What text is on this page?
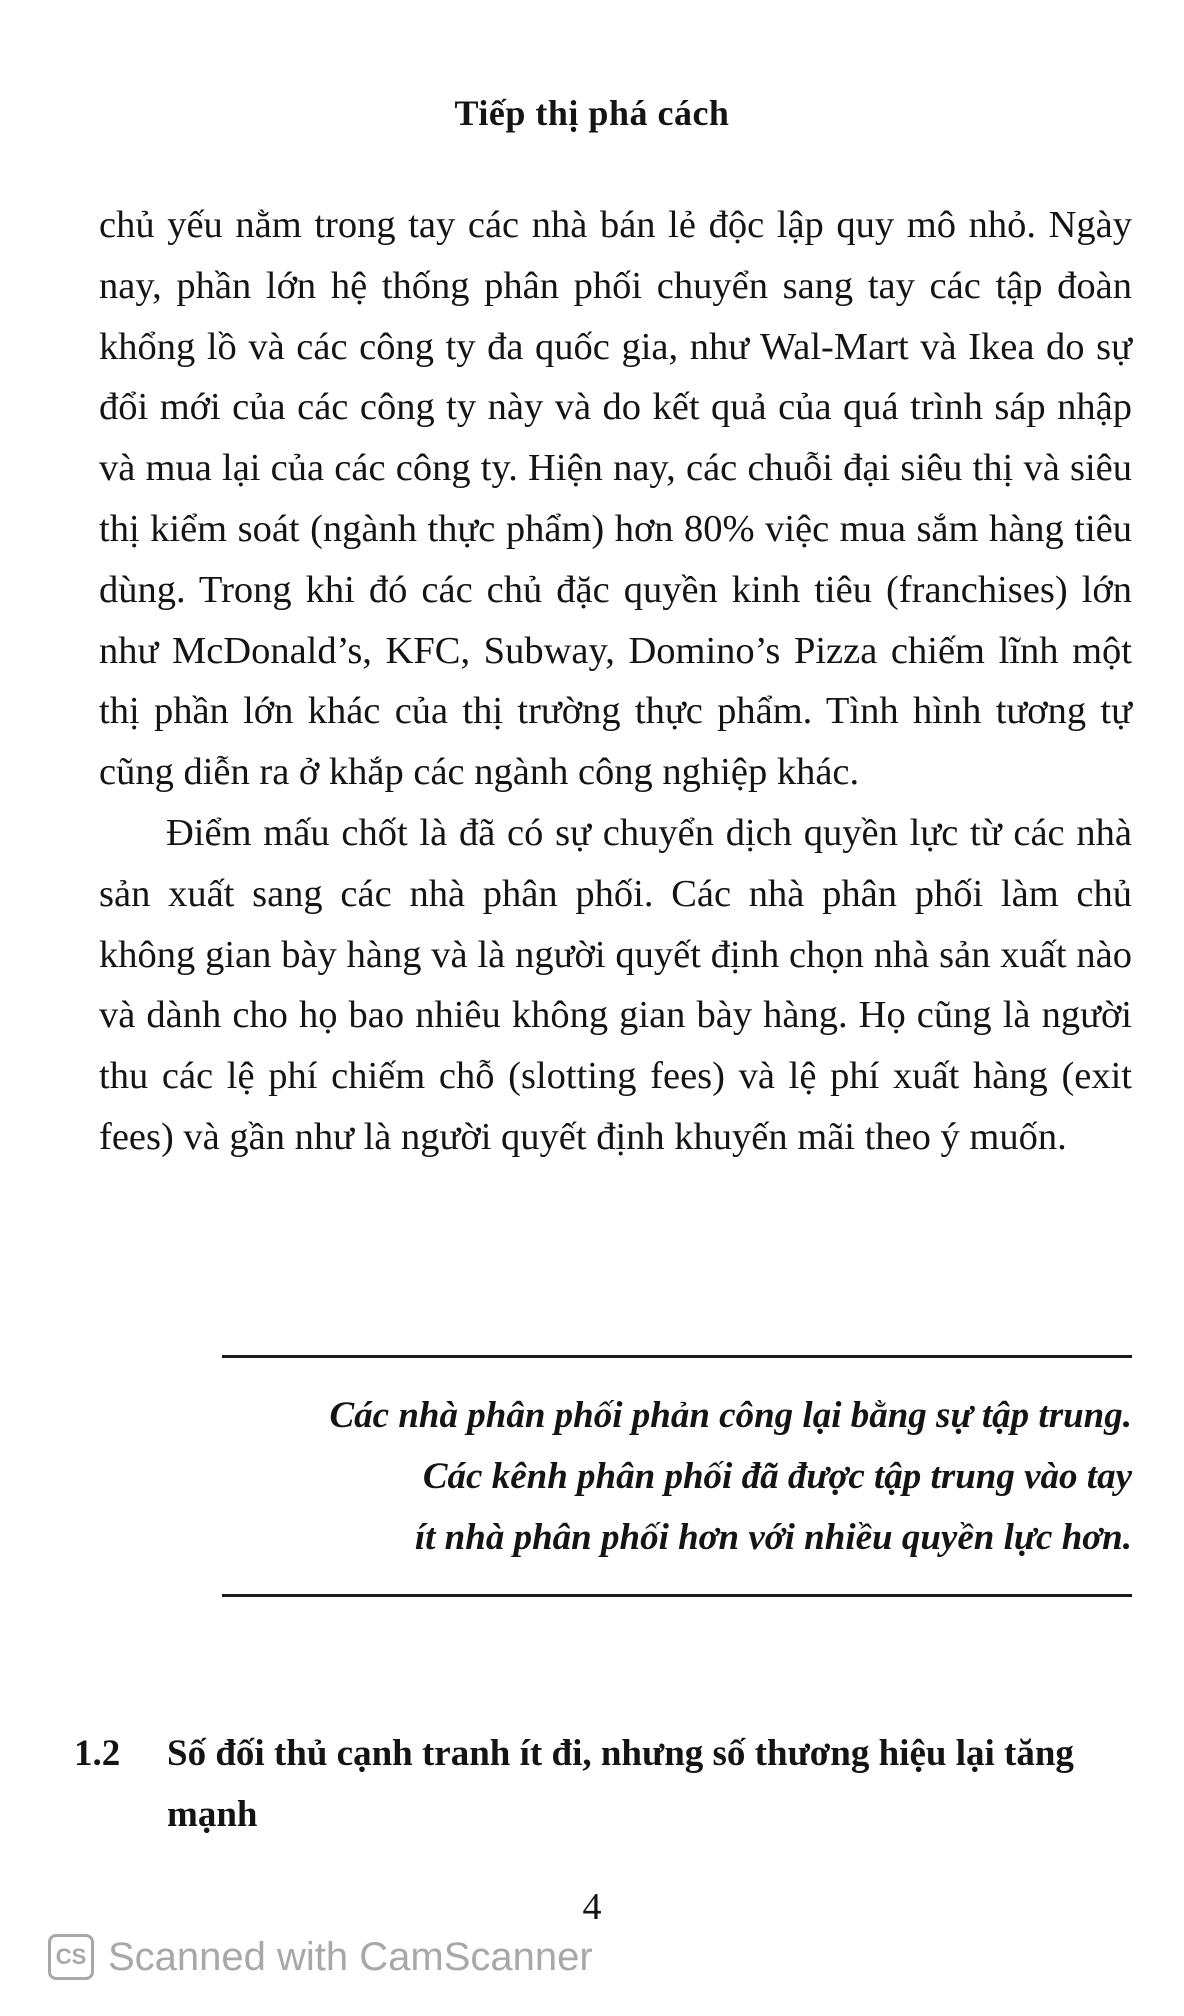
Tiếp thị phá cách

chủ yếu nằm trong tay các nhà bán lẻ độc lập quy mô nhỏ. Ngày nay, phần lớn hệ thống phân phối chuyển sang tay các tập đoàn khổng lồ và các công ty đa quốc gia, như Wal-Mart và Ikea do sự đổi mới của các công ty này và do kết quả của quá trình sáp nhập và mua lại của các công ty. Hiện nay, các chuỗi đại siêu thị và siêu thị kiểm soát (ngành thực phẩm) hơn 80% việc mua sắm hàng tiêu dùng. Trong khi đó các chủ đặc quyền kinh tiêu (franchises) lớn như McDonald’s, KFC, Subway, Domino’s Pizza chiếm lĩnh một thị phần lớn khác của thị trường thực phẩm. Tình hình tương tự cũng diễn ra ở khắp các ngành công nghiệp khác.

Điểm mấu chốt là đã có sự chuyển dịch quyền lực từ các nhà sản xuất sang các nhà phân phối. Các nhà phân phối làm chủ không gian bày hàng và là người quyết định chọn nhà sản xuất nào và dành cho họ bao nhiêu không gian bày hàng. Họ cũng là người thu các lệ phí chiếm chỗ (slotting fees) và lệ phí xuất hàng (exit fees) và gần như là người quyết định khuyến mãi theo ý muốn.

Các nhà phân phối phản công lại bằng sự tập trung.
Các kênh phân phối đã được tập trung vào tay
ít nhà phân phối hơn với nhiều quyền lực hơn.
1.2	Số đối thủ cạnh tranh ít đi, nhưng số thương hiệu lại tăng mạnh
4
CS Scanned with CamScanner
